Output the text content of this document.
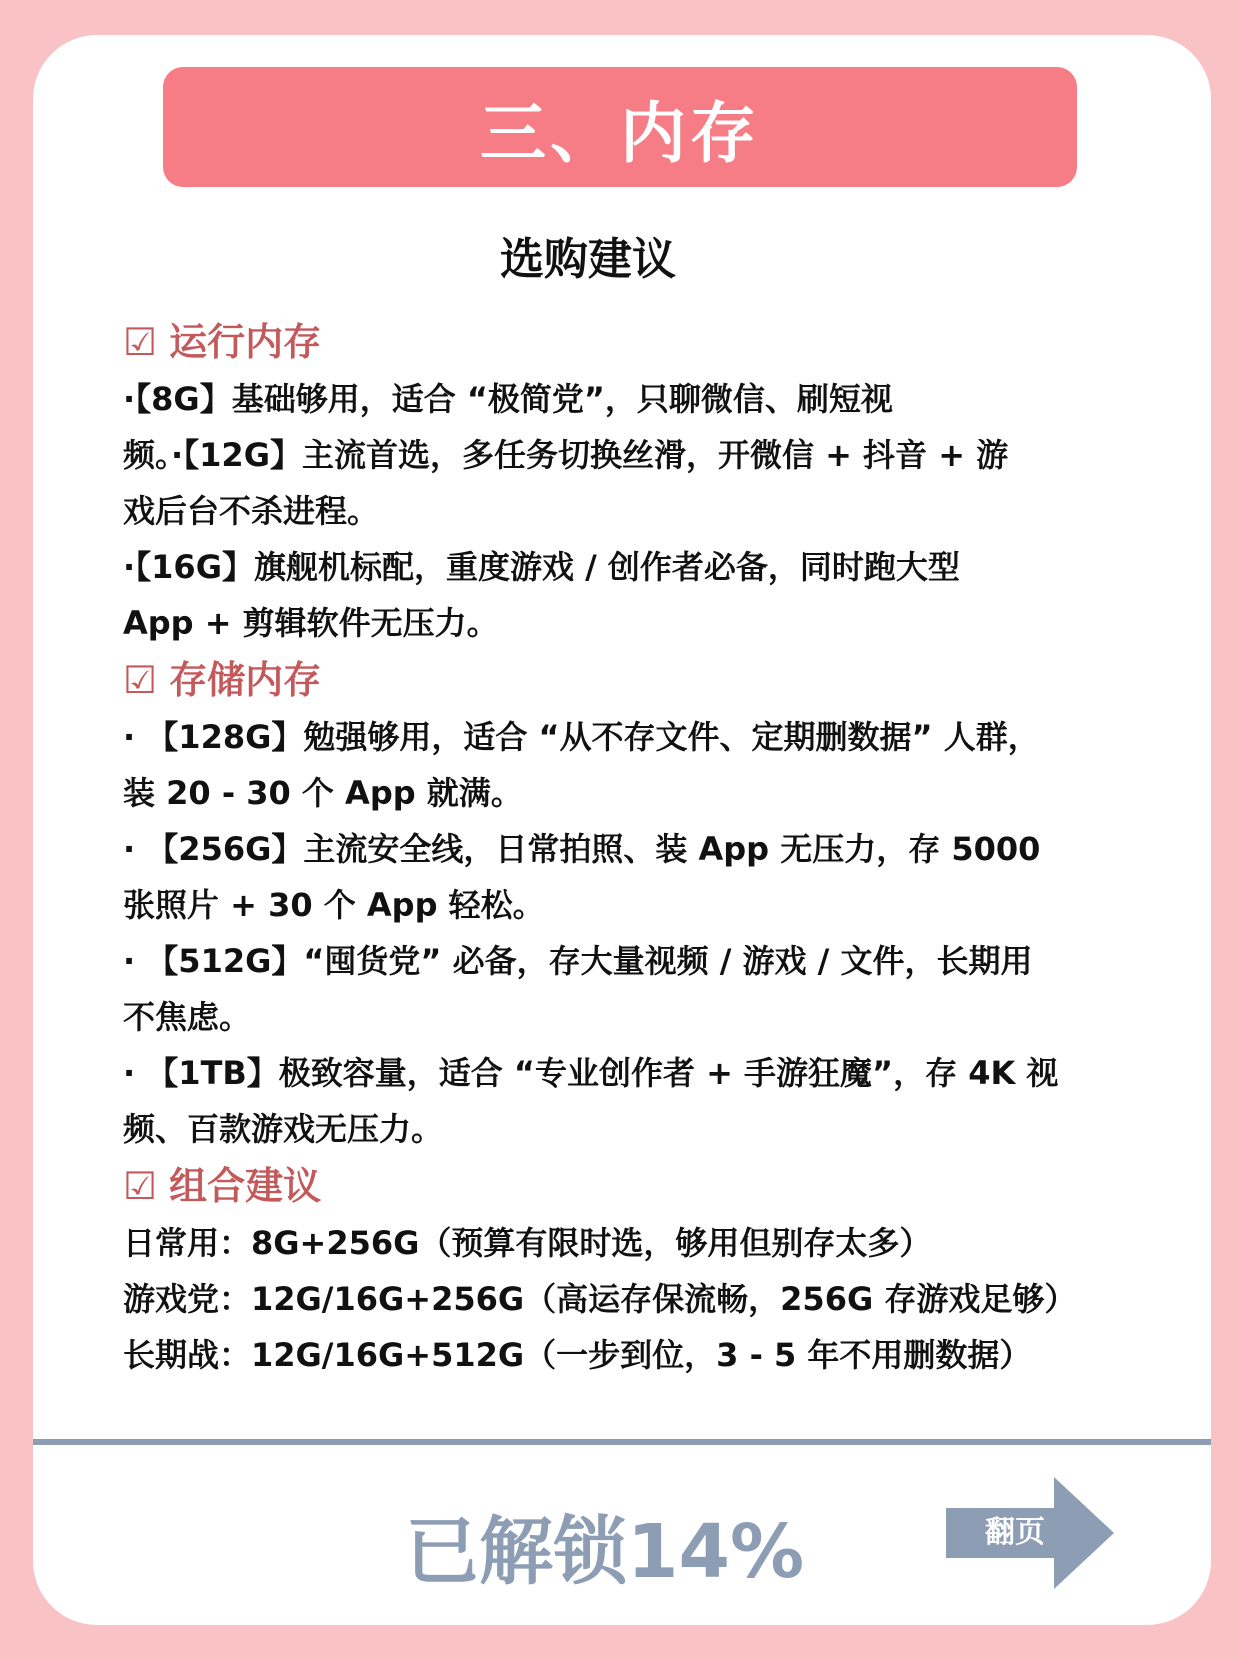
三、内存
选购建议
☑ 运行内存
·【8G】基础够用，适合 “极简党”，只聊微信、刷短视
频。·【12G】主流首选，多任务切换丝滑，开微信 + 抖音 + 游
戏后台不杀进程。
·【16G】旗舰机标配，重度游戏 / 创作者必备，同时跑大型
App + 剪辑软件无压力。
☑ 存储内存
· 【128G】勉强够用，适合 “从不存文件、定期删数据” 人群，
装 20 - 30 个 App 就满。
· 【256G】主流安全线，日常拍照、装 App 无压力，存 5000
张照片 + 30 个 App 轻松。
· 【512G】“囤货党” 必备，存大量视频 / 游戏 / 文件，长期用
不焦虑。
· 【1TB】极致容量，适合 “专业创作者 + 手游狂魔”，存 4K 视
频、百款游戏无压力。
☑ 组合建议
日常用：8G+256G（预算有限时选，够用但别存太多）
游戏党：12G/16G+256G（高运存保流畅，256G 存游戏足够）
长期战：12G/16G+512G（一步到位，3 - 5 年不用删数据）
已解锁14%	翻页
